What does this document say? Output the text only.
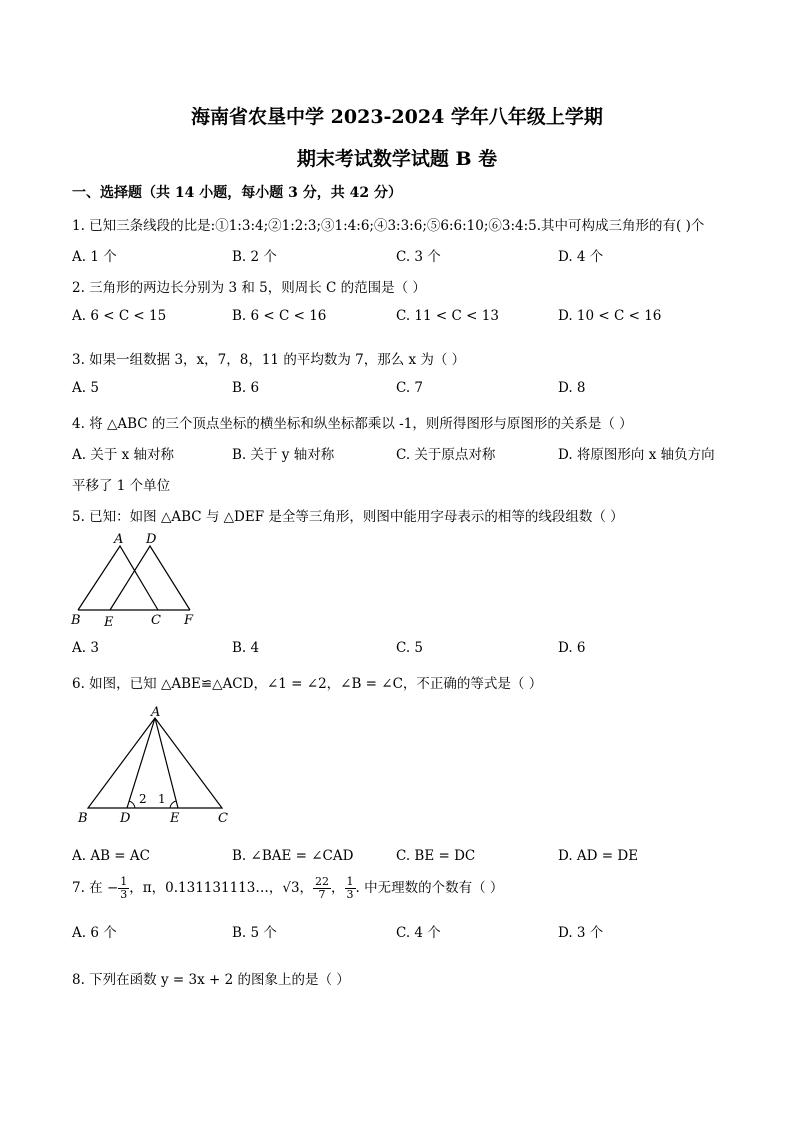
海南省农垦中学 2023-2024 学年八年级上学期
期末考试数学试题 B 卷
一、选择题（共 14 小题，每小题 3 分，共 42 分）
1. 已知三条线段的比是:①1:3:4;②1:2:3;③1:4:6;④3:3:6;⑤6:6:10;⑥3:4:5.其中可构成三角形的有( )个
A. 1 个	B. 2 个	C. 3 个	D. 4 个
2. 三角形的两边长分别为 3 和 5，则周长 C 的范围是（ ）
A. 6 < C < 15	B. 6 < C < 16	C. 11 < C < 13	D. 10 < C < 16
3. 如果一组数据 3，x，7，8，11 的平均数为 7，那么 x 为（ ）
A. 5	B. 6	C. 7	D. 8
4. 将 △ABC 的三个顶点坐标的横坐标和纵坐标都乘以 -1，则所得图形与原图形的关系是（ ）
A. 关于 x 轴对称	B. 关于 y 轴对称	C. 关于原点对称	D. 将原图形向 x 轴负方向
平移了 1 个单位
5. 已知：如图 △ABC 与 △DEF 是全等三角形，则图中能用字母表示的相等的线段组数（ ）
A D
B E	C F
A. 3	B. 4	C. 5	D. 6
6. 如图，已知 △ABE≌△ACD，∠1 = ∠2，∠B = ∠C，不正确的等式是（ ）
A
B D	E	C
2 1
A. AB = AC	B. ∠BAE = ∠CAD	C. BE = DC	D. AD = DE
7. 在 − $\frac{1}{3}$ ，π，0.131131113…，√3， $\frac{22}{7}$ ， $\frac{1}{3}$ . 中无理数的个数有（ ）
A. 6 个	B. 5 个	C. 4 个	D. 3 个
8. 下列在函数 y = 3x + 2 的图象上的是（ ）
